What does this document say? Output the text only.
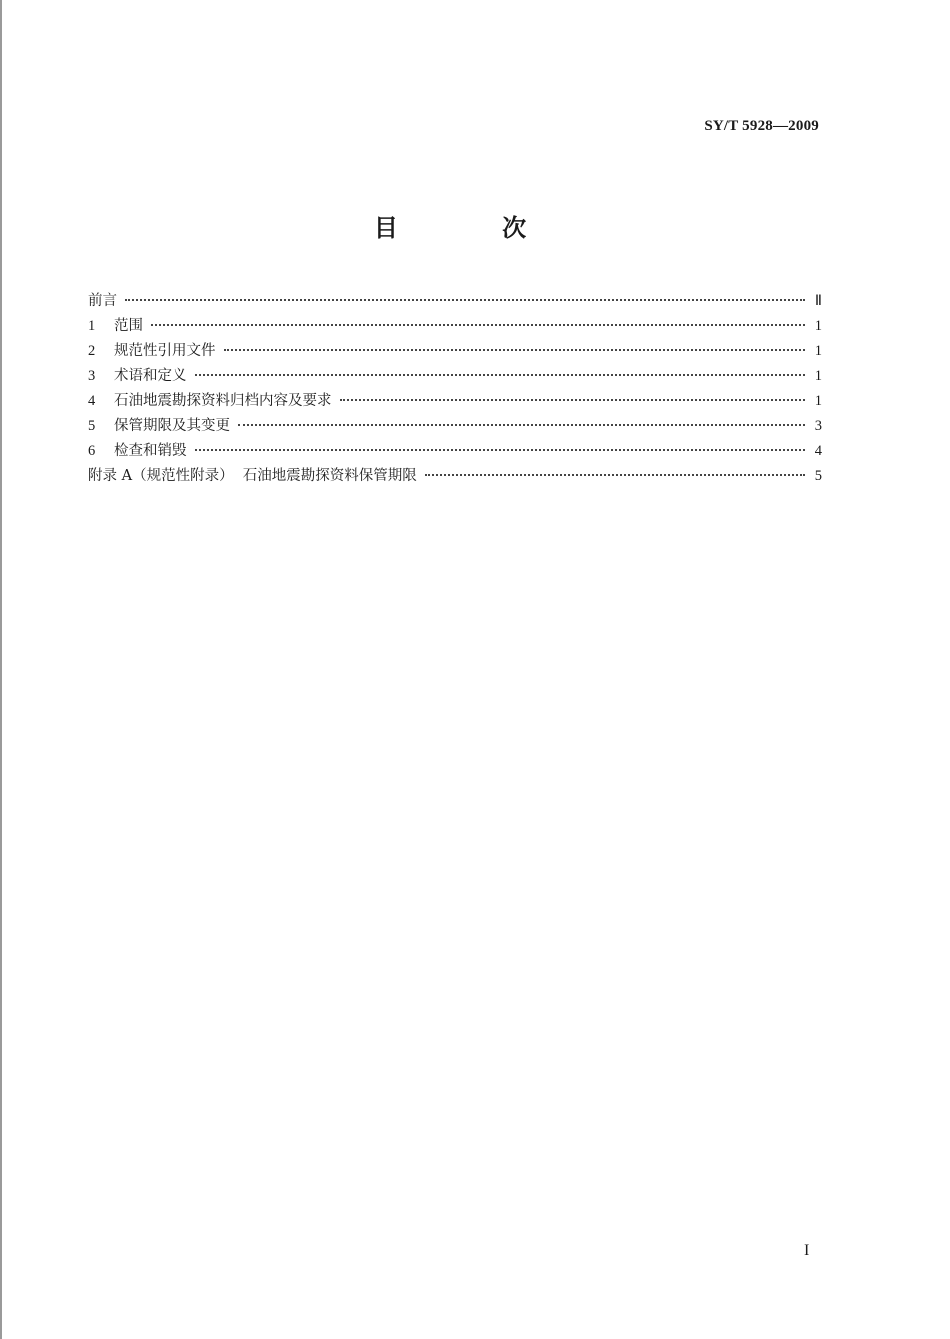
SY/T 5928—2009
目 次
前言	Ⅱ
1	范围	1
2	规范性引用文件	1
3	术语和定义	1
4	石油地震勘探资料归档内容及要求	1
5	保管期限及其变更	3
6	检查和销毁	4
附录 A（规范性附录）  石油地震勘探资料保管期限	5
I
